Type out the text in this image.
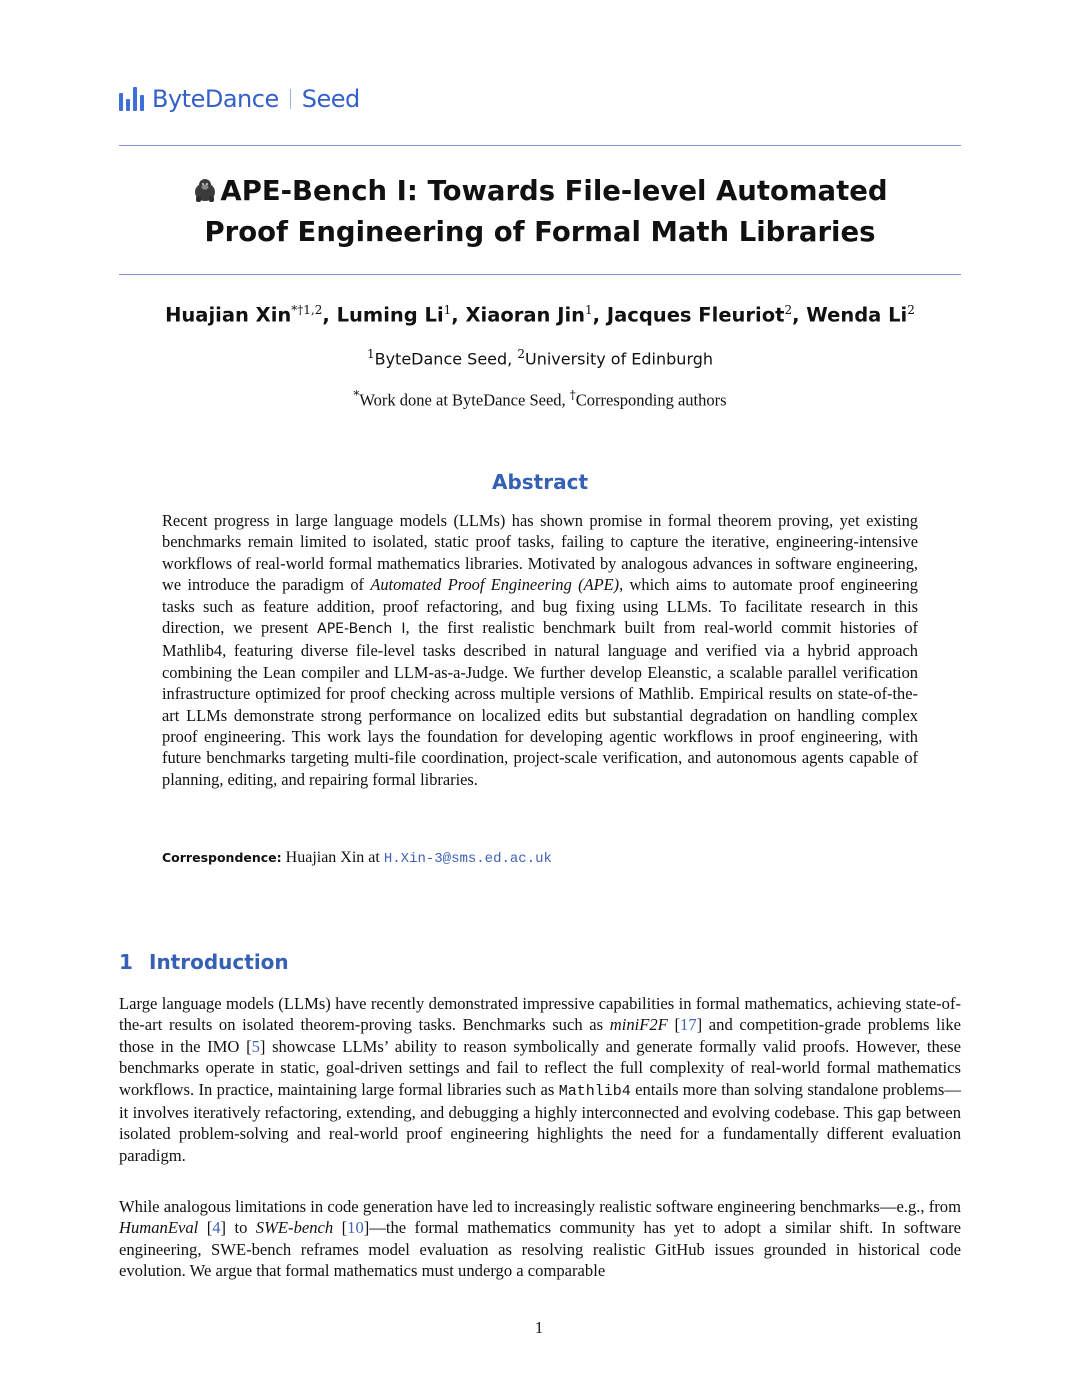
ByteDance Seed
APE-Bench I: Towards File-level Automated
Proof Engineering of Formal Math Libraries
Huajian Xin$^{*\dagger 1,2}$, Luming Li$^1$, Xiaoran Jin$^1$, Jacques Fleuriot$^2$, Wenda Li$^2$
$^1$ByteDance Seed, $^2$University of Edinburgh
*Work done at ByteDance Seed, †Corresponding authors
Abstract
Recent progress in large language models (LLMs) has shown promise in formal theorem proving, yet existing benchmarks remain limited to isolated, static proof tasks, failing to capture the iterative, engineering-intensive workflows of real-world formal mathematics libraries. Motivated by analogous advances in software engineering, we introduce the paradigm of Automated Proof Engineering (APE), which aims to automate proof engineering tasks such as feature addition, proof refactoring, and bug fixing using LLMs. To facilitate research in this direction, we present APE-Bench I, the first realistic benchmark built from real-world commit histories of Mathlib4, featuring diverse file-level tasks described in natural language and verified via a hybrid approach combining the Lean compiler and LLM-as-a-Judge. We further develop Eleanstic, a scalable parallel verification infrastructure optimized for proof checking across multiple versions of Mathlib. Empirical results on state-of-the-art LLMs demonstrate strong performance on localized edits but substantial degradation on handling complex proof engineering. This work lays the foundation for developing agentic workflows in proof engineering, with future benchmarks targeting multi-file coordination, project-scale verification, and autonomous agents capable of planning, editing, and repairing formal libraries.
Correspondence: Huajian Xin at H.Xin-3@sms.ed.ac.uk
1 Introduction
Large language models (LLMs) have recently demonstrated impressive capabilities in formal mathematics, achieving state-of-the-art results on isolated theorem-proving tasks. Benchmarks such as miniF2F [17] and competition-grade problems like those in the IMO [5] showcase LLMs’ ability to reason symbolically and generate formally valid proofs. However, these benchmarks operate in static, goal-driven settings and fail to reflect the full complexity of real-world formal mathematics workflows. In practice, maintaining large formal libraries such as Mathlib4 entails more than solving standalone problems—it involves iteratively refactoring, extending, and debugging a highly interconnected and evolving codebase. This gap between isolated problem-solving and real-world proof engineering highlights the need for a fundamentally different evaluation paradigm.
While analogous limitations in code generation have led to increasingly realistic software engineering benchmarks—e.g., from HumanEval [4] to SWE-bench [10]—the formal mathematics community has yet to adopt a similar shift. In software engineering, SWE-bench reframes model evaluation as resolving realistic GitHub issues grounded in historical code evolution. We argue that formal mathematics must undergo a comparable
1
